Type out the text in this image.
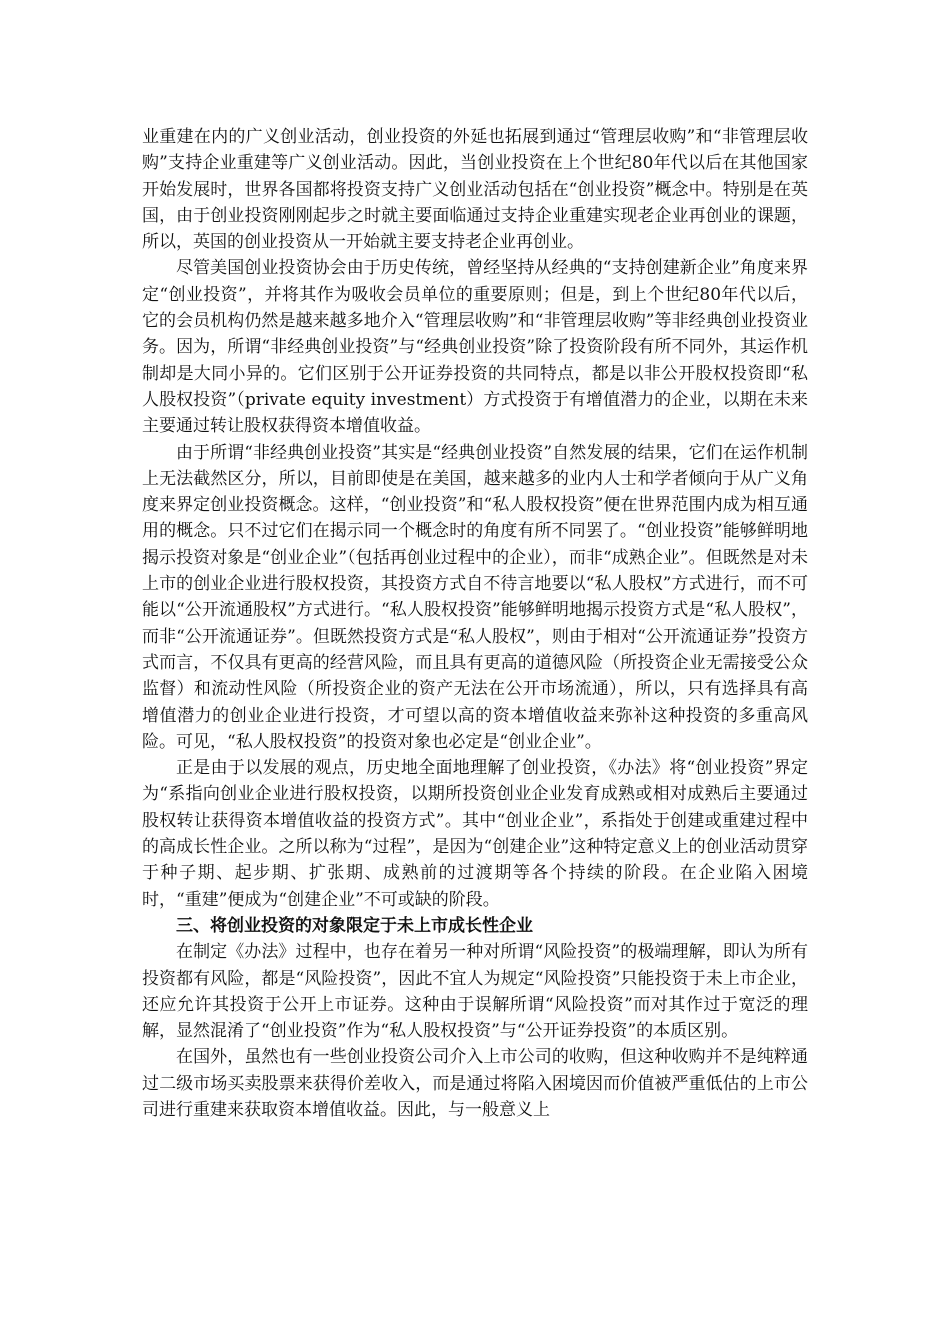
业重建在内的广义创业活动，创业投资的外延也拓展到通过“管理层收购”和“非管理层收购”支持企业重建等广义创业活动。因此，当创业投资在上个世纪80年代以后在其他国家开始发展时，世界各国都将投资支持广义创业活动包括在“创业投资”概念中。特别是在英国，由于创业投资刚刚起步之时就主要面临通过支持企业重建实现老企业再创业的课题，所以，英国的创业投资从一开始就主要支持老企业再创业。

尽管美国创业投资协会由于历史传统，曾经坚持从经典的“支持创建新企业”角度来界定“创业投资”，并将其作为吸收会员单位的重要原则；但是，到上个世纪80年代以后，它的会员机构仍然是越来越多地介入“管理层收购”和“非管理层收购”等非经典创业投资业务。因为，所谓“非经典创业投资”与“经典创业投资”除了投资阶段有所不同外，其运作机制却是大同小异的。它们区别于公开证券投资的共同特点，都是以非公开股权投资即“私人股权投资”（private equity investment）方式投资于有增值潜力的企业，以期在未来主要通过转让股权获得资本增值收益。

由于所谓“非经典创业投资”其实是“经典创业投资”自然发展的结果，它们在运作机制上无法截然区分，所以，目前即使是在美国，越来越多的业内人士和学者倾向于从广义角度来界定创业投资概念。这样，“创业投资”和“私人股权投资”便在世界范围内成为相互通用的概念。只不过它们在揭示同一个概念时的角度有所不同罢了。“创业投资”能够鲜明地揭示投资对象是“创业企业”（包括再创业过程中的企业），而非“成熟企业”。但既然是对未上市的创业企业进行股权投资，其投资方式自不待言地要以“私人股权”方式进行，而不可能以“公开流通股权”方式进行。“私人股权投资”能够鲜明地揭示投资方式是“私人股权”，而非“公开流通证券”。但既然投资方式是“私人股权”，则由于相对“公开流通证券”投资方式而言，不仅具有更高的经营风险，而且具有更高的道德风险（所投资企业无需接受公众监督）和流动性风险（所投资企业的资产无法在公开市场流通），所以，只有选择具有高增值潜力的创业企业进行投资，才可望以高的资本增值收益来弥补这种投资的多重高风险。可见，“私人股权投资”的投资对象也必定是“创业企业”。

正是由于以发展的观点，历史地全面地理解了创业投资，《办法》将“创业投资”界定为“系指向创业企业进行股权投资，以期所投资创业企业发育成熟或相对成熟后主要通过股权转让获得资本增值收益的投资方式”。其中“创业企业”，系指处于创建或重建过程中的高成长性企业。之所以称为“过程”，是因为“创建企业”这种特定意义上的创业活动贯穿于种子期、起步期、扩张期、成熟前的过渡期等各个持续的阶段。在企业陷入困境时，“重建”便成为“创建企业”不可或缺的阶段。

三、将创业投资的对象限定于未上市成长性企业

在制定《办法》过程中，也存在着另一种对所谓“风险投资”的极端理解，即认为所有投资都有风险，都是“风险投资”，因此不宜人为规定“风险投资”只能投资于未上市企业，还应允许其投资于公开上市证券。这种由于误解所谓“风险投资”而对其作过于宽泛的理解，显然混淆了“创业投资”作为“私人股权投资”与“公开证券投资”的本质区别。

在国外，虽然也有一些创业投资公司介入上市公司的收购，但这种收购并不是纯粹通过二级市场买卖股票来获得价差收入，而是通过将陷入困境因而价值被严重低估的上市公司进行重建来获取资本增值收益。因此，与一般意义上
